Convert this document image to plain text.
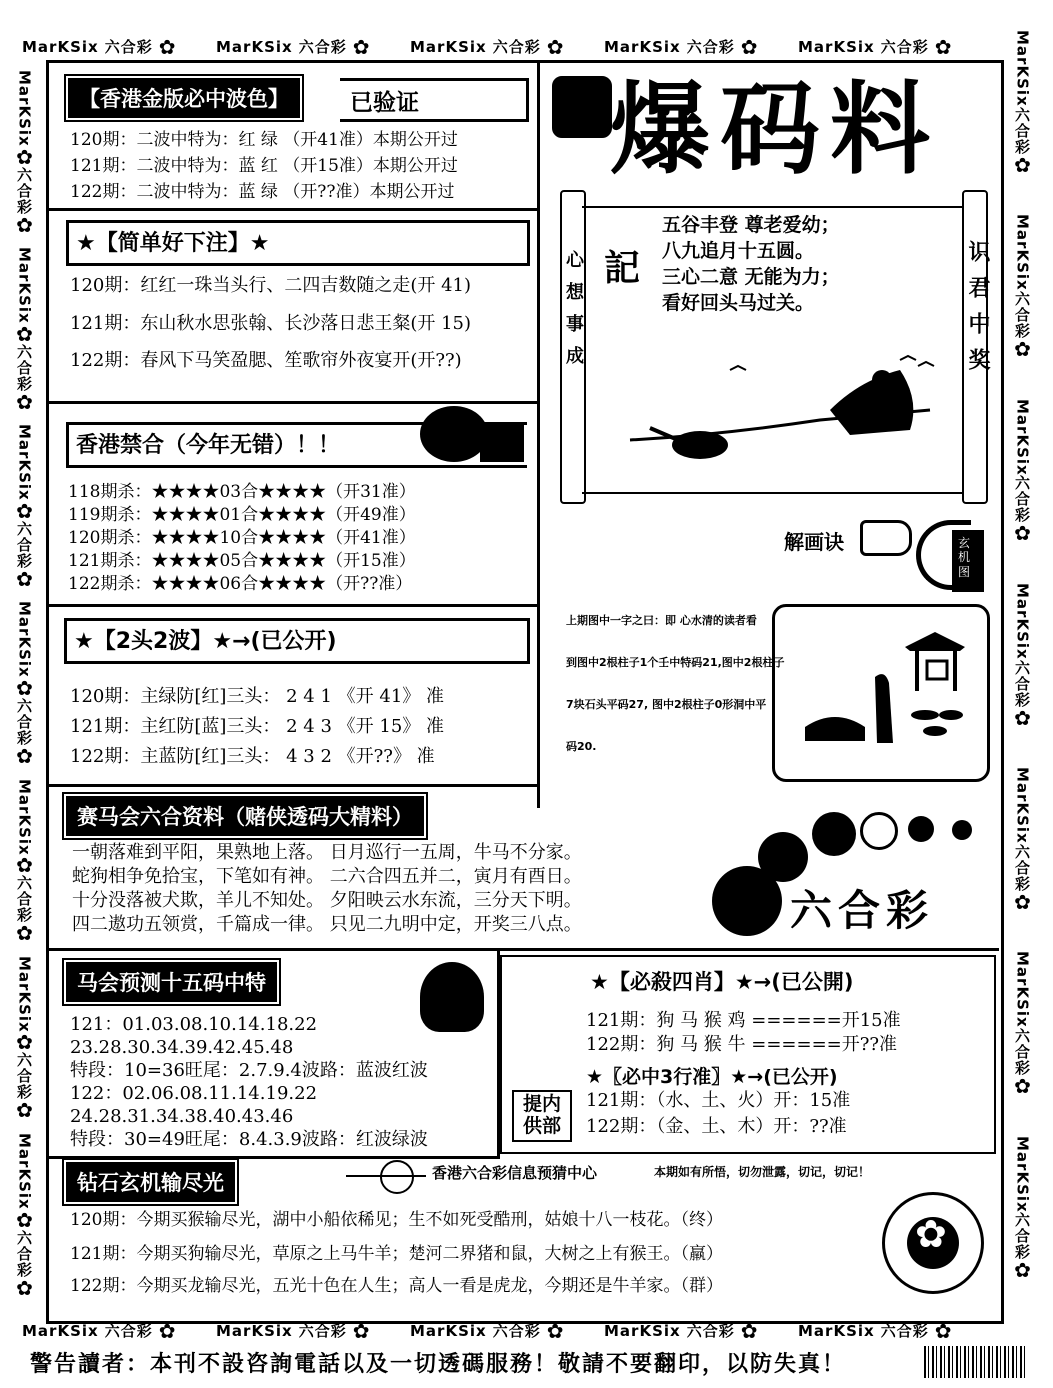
MarKSix 六合彩 ✿	MarKSix 六合彩 ✿	MarKSix 六合彩 ✿	MarKSix 六合彩 ✿	MarKSix 六合彩 ✿
MarKSix 六合彩 ✿	MarKSix 六合彩 ✿	MarKSix 六合彩 ✿	MarKSix 六合彩 ✿	MarKSix 六合彩 ✿
MarKSix
✿
六合彩
✿
MarKSix
✿
六合彩
✿
MarKSix
✿
六合彩
✿
MarKSix
✿
六合彩
✿
MarKSix
✿
六合彩
✿
MarKSix
✿
六合彩
✿
MarKSix
✿
六合彩
✿
MarKSix
六合彩
✿
MarKSix
六合彩
✿
MarKSix
六合彩
✿
MarKSix
六合彩
✿
MarKSix
六合彩
✿
MarKSix
六合彩
✿
MarKSix
六合彩
✿
【香港金版必中波色】	已验证
120期：二波中特为：红 绿 （开41准）本期公开过
121期：二波中特为：蓝 红 （开15准）本期公开过
122期：二波中特为：蓝 绿 （开??准）本期公开过
★【简单好下注】★
120期：红红一珠当头行、二四吉数随之走(开 41)
121期：东山秋水思张翰、长沙落日悲王粲(开 15)
122期：春风下马笑盈腮、笙歌帘外夜宴开(开??)
香港禁合（今年无错）！！
118期杀：★★★★03合★★★★（开31准）
119期杀：★★★★01合★★★★（开49准）
120期杀：★★★★10合★★★★（开41准）
121期杀：★★★★05合★★★★（开15准）
122期杀：★★★★06合★★★★（开??准）
★【2头2波】★→(已公开)
120期：主绿防[红]三头： 2 4 1 《开 41》 准
121期：主红防[蓝]三头： 2 4 3 《开 15》 准
122期：主蓝防[红]三头： 4 3 2 《开??》 准
赛马会六合资料（赌侠透码大精料）
一朝落难到平阳，果熟地上落。 日月巡行一五周，牛马不分家。
蛇狗相争免拾宝，下笔如有神。 二六合四五并二，寅月有酉日。
十分没落被犬欺，羊儿不知处。 夕阳映云水东流，三分天下明。
四二遨功五领赏，千篇成一律。 只见二九明中定，开奖三八点。	六合彩
马会预测十五码中特
121：01.03.08.10.14.18.22
23.28.30.34.39.42.45.48
特段：10=36旺尾：2.7.9.4波路：蓝波红波
122：02.06.08.11.14.19.22
24.28.31.34.38.40.43.46
特段：30=49旺尾：8.4.3.9波路：红波绿波
★【必殺四肖】★→(已公開)
121期：狗 马 猴 鸡 ======开15准
122期：狗 马 猴 牛 ======开??准
★〖必中3行准〗★→(已公开)
121期：（水、土、火）开：15准
122期：（金、土、木）开：??准
提内供部
钻石玄机输尽光	香港六合彩信息预猜中心	本期如有所悟，切勿泄露，切记，切记！
120期：今期买猴输尽光，湖中小船依稀见；生不如死受酷刑，姑娘十八一枝花。（终）
121期：今期买狗输尽光，草原之上马牛羊；楚河二界猪和鼠，大树之上有猴王。（羸）
122期：今期买龙输尽光，五光十色在人生；高人一看是虎龙，今期还是牛羊家。（群）
✿
爆码料
心想事成	识君中奖
記
五谷丰登 尊老爱幼；
八九追月十五圆。
三心二意 无能为力；
看好回头马过关。
解画诀	玄机图
上期图中一字之曰：即 心水清的读者看
到图中2根柱子1个壬中特码21,图中2根柱子
7块石头平码27, 图中2根柱子0形洞中平
码20.
警告讀者：本刊不設咨詢電話以及一切透碼服務！敬請不要翻印，以防失真！
